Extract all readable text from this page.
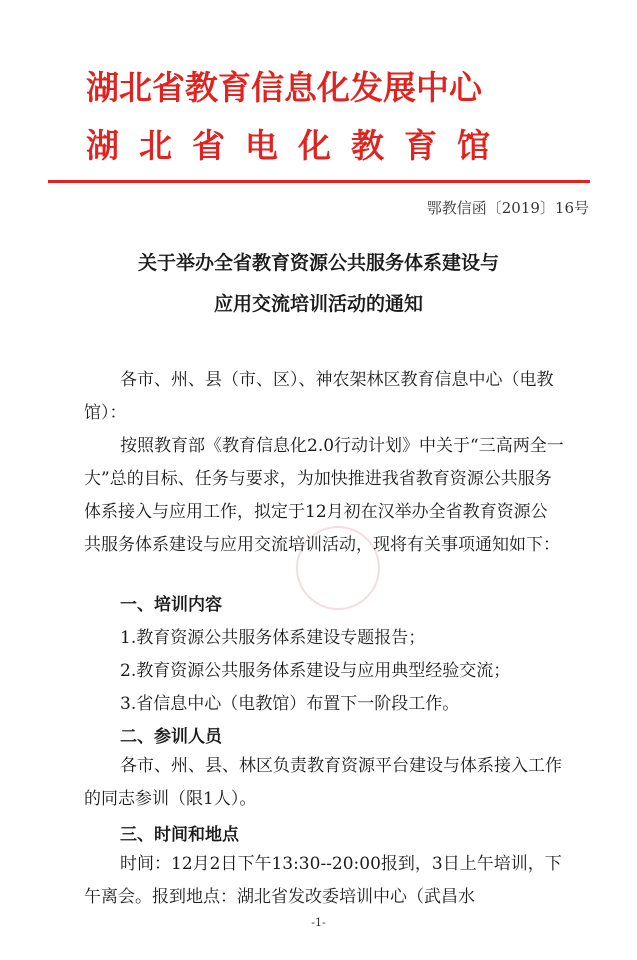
湖北省教育信息化发展中心
湖北省电化教育馆
鄂教信函〔2019〕16号
关于举办全省教育资源公共服务体系建设与
应用交流培训活动的通知

各市、州、县（市、区）、神农架林区教育信息中心（电教馆）：

按照教育部《教育信息化2.0行动计划》中关于“三高两全一大”总的目标、任务与要求，为加快推进我省教育资源公共服务体系接入与应用工作，拟定于12月初在汉举办全省教育资源公共服务体系建设与应用交流培训活动，现将有关事项通知如下：

一、培训内容
1.教育资源公共服务体系建设专题报告；
2.教育资源公共服务体系建设与应用典型经验交流；
3.省信息中心（电教馆）布置下一阶段工作。
二、参训人员

各市、州、县、林区负责教育资源平台建设与体系接入工作的同志参训（限1人）。

三、时间和地点

时间：12月2日下午13:30--20:00报到，3日上午培训，下午离会。报到地点：湖北省发改委培训中心（武昌水

-1-
